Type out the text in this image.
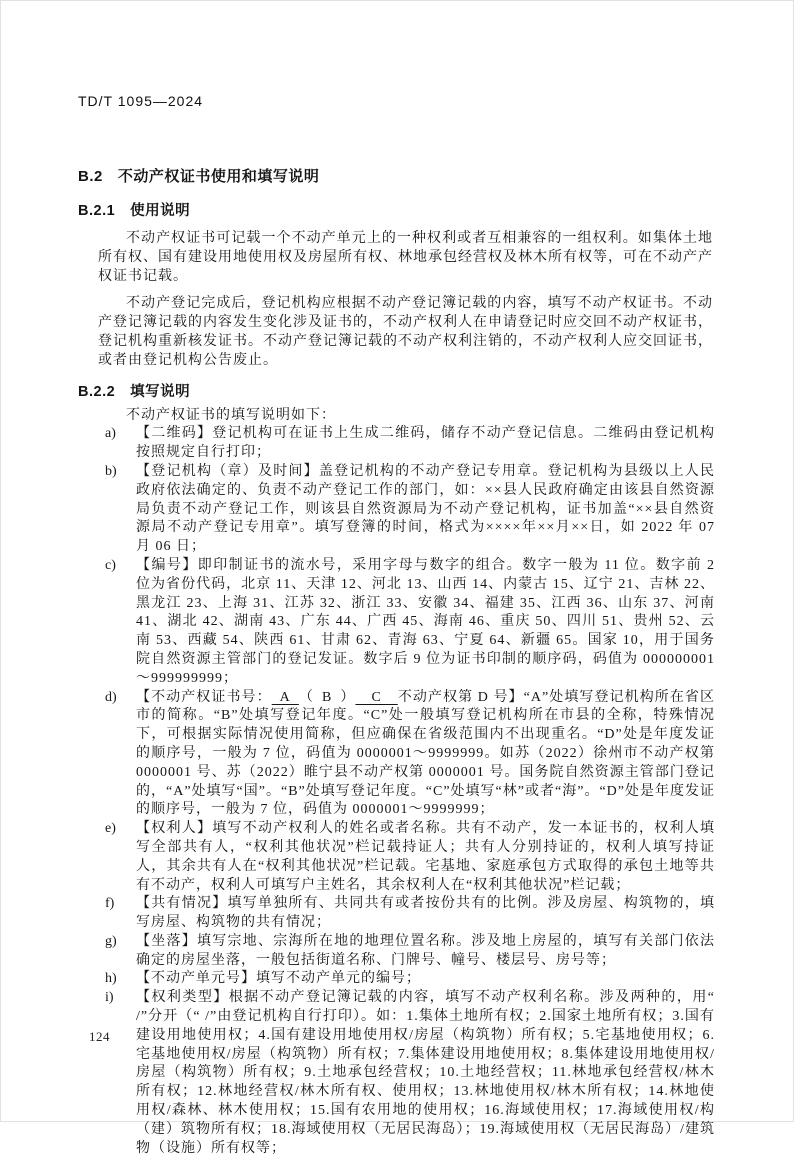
TD/T 1095—2024
B.2 不动产权证书使用和填写说明
B.2.1 使用说明
不动产权证书可记载一个不动产单元上的一种权利或者互相兼容的一组权利。如集体土地所有权、国有建设用地使用权及房屋所有权、林地承包经营权及林木所有权等，可在不动产产权证书记载。
不动产登记完成后，登记机构应根据不动产登记簿记载的内容，填写不动产权证书。不动产登记簿记载的内容发生变化涉及证书的，不动产权利人在申请登记时应交回不动产权证书，登记机构重新核发证书。不动产登记簿记载的不动产权利注销的，不动产权利人应交回证书，或者由登记机构公告废止。
B.2.2 填写说明
不动产权证书的填写说明如下：
a)	【二维码】登记机构可在证书上生成二维码，储存不动产登记信息。二维码由登记机构按照规定自行打印；
b)	【登记机构（章）及时间】盖登记机构的不动产登记专用章。登记机构为县级以上人民政府依法确定的、负责不动产登记工作的部门，如：××县人民政府确定由该县自然资源局负责不动产登记工作，则该县自然资源局为不动产登记机构，证书加盖“××县自然资源局不动产登记专用章”。填写登簿的时间，格式为××××年××月××日，如 2022 年 07 月 06 日；
c)	【编号】即印制证书的流水号，采用字母与数字的组合。数字一般为 11 位。数字前 2 位为省份代码，北京 11、天津 12、河北 13、山西 14、内蒙古 15、辽宁 21、吉林 22、黑龙江 23、上海 31、江苏 32、浙江 33、安徽 34、福建 35、江西 36、山东 37、河南 41、湖北 42、湖南 43、广东 44、广西 45、海南 46、重庆 50、四川 51、贵州 52、云南 53、西藏 54、陕西 61、甘肃 62、青海 63、宁夏 64、新疆 65。国家 10，用于国务院自然资源主管部门的登记发证。数字后 9 位为证书印制的顺序码，码值为 000000001～999999999；
d)	【不动产权证书号： A （ B ）  C  不动产权第 D 号】“A”处填写登记机构所在省区市的简称。“B”处填写登记年度。“C”处一般填写登记机构所在市县的全称，特殊情况下，可根据实际情况使用简称，但应确保在省级范围内不出现重名。“D”处是年度发证的顺序号，一般为 7 位，码值为 0000001～9999999。如苏（2022）徐州市不动产权第 0000001 号、苏（2022）睢宁县不动产权第 0000001 号。国务院自然资源主管部门登记的，“A”处填写“国”。“B”处填写登记年度。“C”处填写“林”或者“海”。“D”处是年度发证的顺序号，一般为 7 位，码值为 0000001～9999999；
e)	【权利人】填写不动产权利人的姓名或者名称。共有不动产，发一本证书的，权利人填写全部共有人，“权利其他状况”栏记载持证人；共有人分别持证的，权利人填写持证人，其余共有人在“权利其他状况”栏记载。宅基地、家庭承包方式取得的承包土地等共有不动产，权利人可填写户主姓名，其余权利人在“权利其他状况”栏记载；
f)	【共有情况】填写单独所有、共同共有或者按份共有的比例。涉及房屋、构筑物的，填写房屋、构筑物的共有情况；
g)	【坐落】填写宗地、宗海所在地的地理位置名称。涉及地上房屋的，填写有关部门依法确定的房屋坐落，一般包括街道名称、门牌号、幢号、楼层号、房号等；
h)	【不动产单元号】填写不动产单元的编号；
i)	【权利类型】根据不动产登记簿记载的内容，填写不动产权利名称。涉及两种的，用“ /”分开（“ /”由登记机构自行打印）。如：1.集体土地所有权；2.国家土地所有权；3.国有建设用地使用权；4.国有建设用地使用权/房屋（构筑物）所有权；5.宅基地使用权；6.宅基地使用权/房屋（构筑物）所有权；7.集体建设用地使用权；8.集体建设用地使用权/房屋（构筑物）所有权；9.土地承包经营权；10.土地经营权；11.林地承包经营权/林木所有权；12.林地经营权/林木所有权、使用权；13.林地使用权/林木所有权；14.林地使用权/森林、林木使用权；15.国有农用地的使用权；16.海域使用权；17.海域使用权/构（建）筑物所有权；18.海域使用权（无居民海岛）；19.海域使用权（无居民海岛）/建筑物（设施）所有权等；
124
